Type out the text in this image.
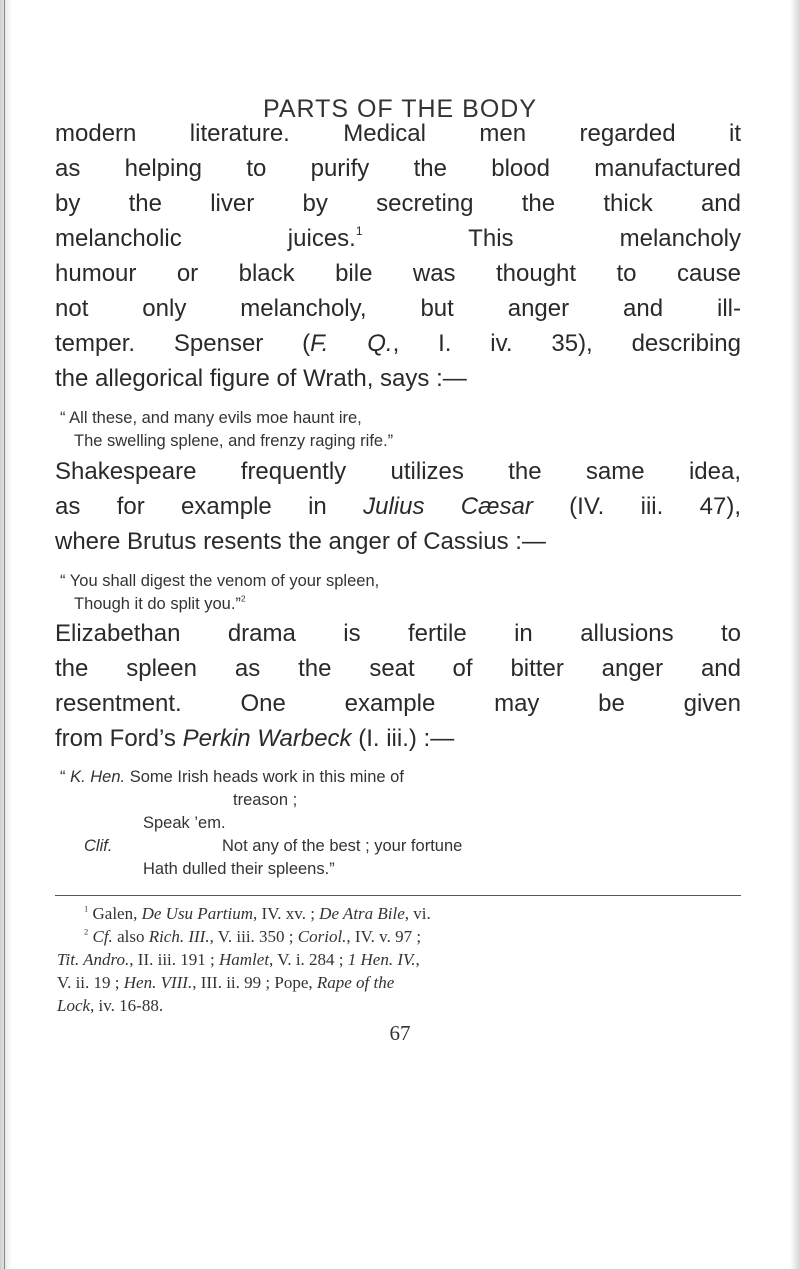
PARTS OF THE BODY
modern literature. Medical men regarded it
as helping to purify the blood manufactured
by the liver by secreting the thick and
melancholic juices.$^1$ This melancholy
humour or black bile was thought to cause
not only melancholy, but anger and ill-
temper. Spenser (F. Q., I. iv. 35), describing
the allegorical figure of Wrath, says :—
Shakespeare frequently utilizes the same idea,
as for example in Julius Cæsar (IV. iii. 47),
where Brutus resents the anger of Cassius :—
Elizabethan drama is fertile in allusions to
the spleen as the seat of bitter anger and
resentment. One example may be given
from Ford’s Perkin Warbeck (I. iii.) :—
“ All these, and many evils moe haunt ire,
The swelling splene, and frenzy raging rife.”
“ You shall digest the venom of your spleen,
Though it do split you.”$^2$
“ K. Hen. Some Irish heads work in this mine of
treason ;
Speak ’em.
Clif.	Not any of the best ; your fortune
Hath dulled their spleens.”
$^1$ Galen, De Usu Partium, IV. xv. ; De Atra Bile, vi.
$^2$ Cf. also Rich. III., V. iii. 350 ; Coriol., IV. v. 97 ;
Tit. Andro., II. iii. 191 ; Hamlet, V. i. 284 ; 1 Hen. IV.,
V. ii. 19 ; Hen. VIII., III. ii. 99 ; Pope, Rape of the
Lock, iv. 16-88.
67
